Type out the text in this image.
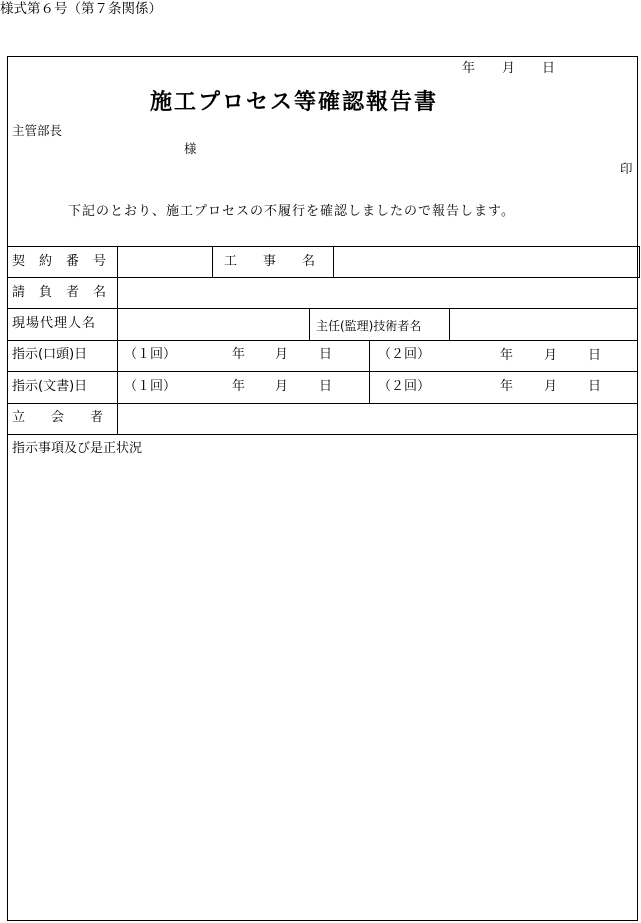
様式第６号（第７条関係）
年 月 日
施工プロセス等確認報告書
主管部長
様
印
下記のとおり、施工プロセスの不履行を確認しましたので報告します。
契約番号	工事名
請負者名
現場代理人名	主任(監理)技術者名
指示(口頭)日	（１回）	年 月 日	（２回）	年 月 日
指示(文書)日	（１回）	年 月 日	（２回）	年 月 日
立会者
指示事項及び是正状況
